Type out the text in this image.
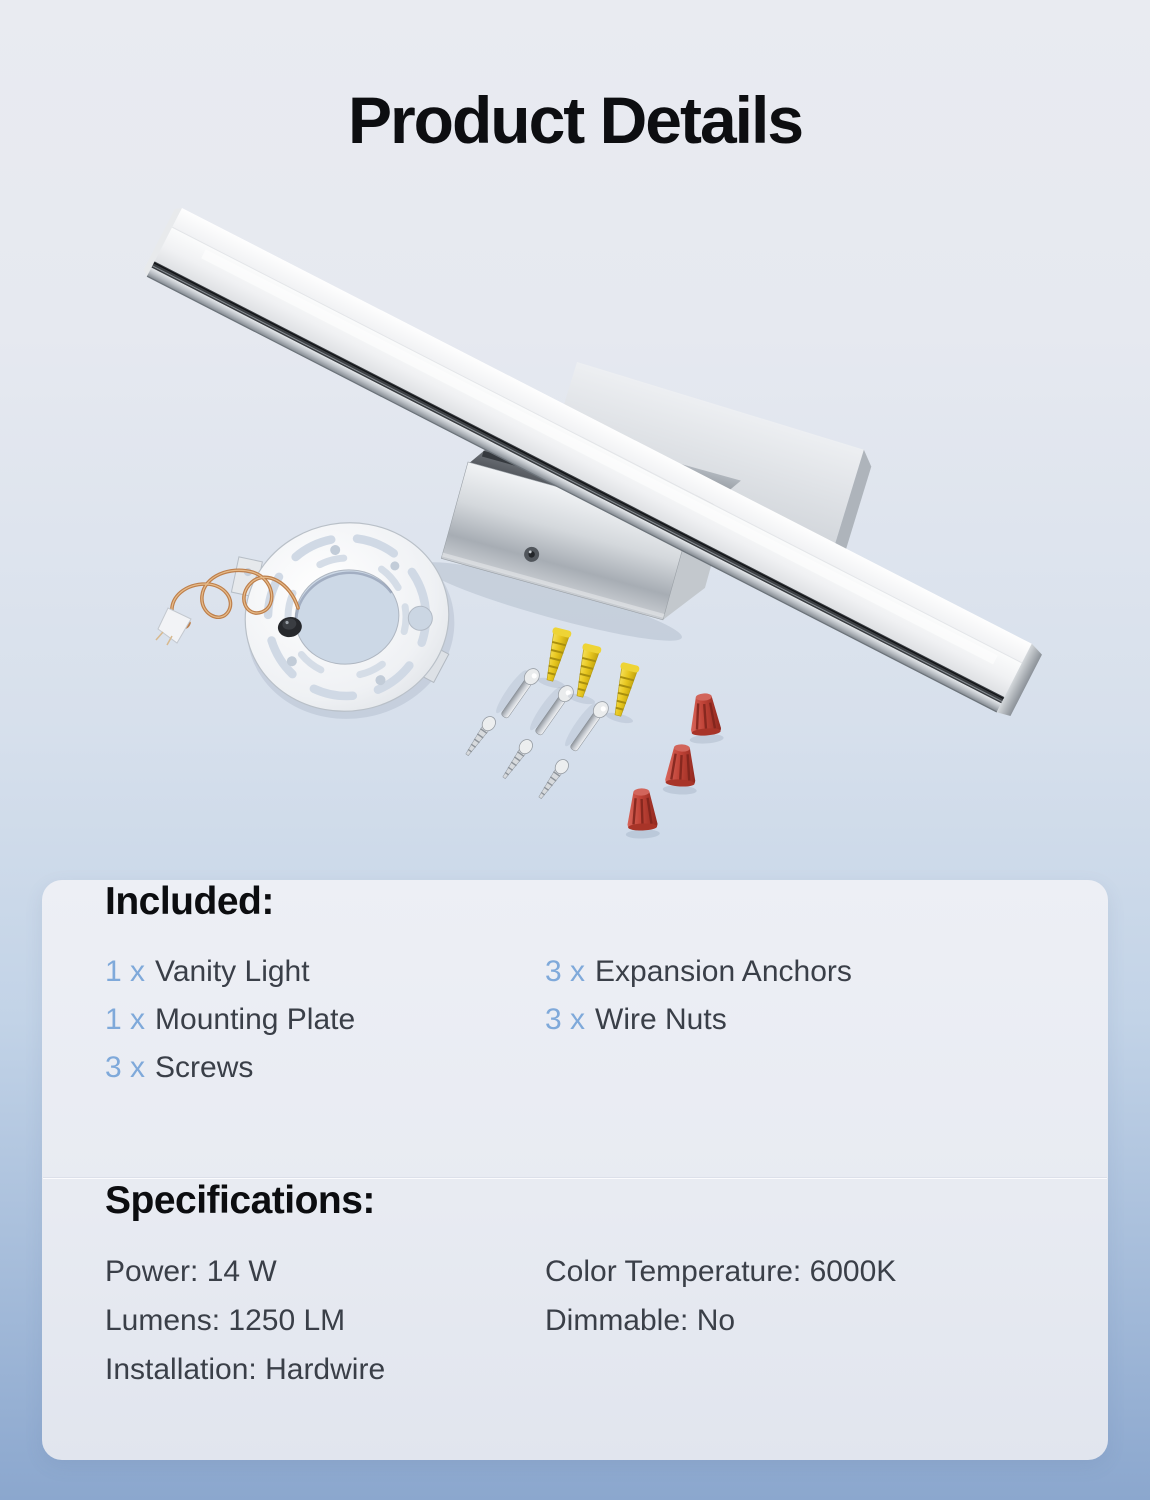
Product Details
Included:
1 x Vanity Light
1 x Mounting Plate
3 x Screws
3 x Expansion Anchors
3 x Wire Nuts
Specifications:
Power: 14 W
Lumens: 1250 LM
Installation: Hardwire
Color Temperature: 6000K
Dimmable: No
